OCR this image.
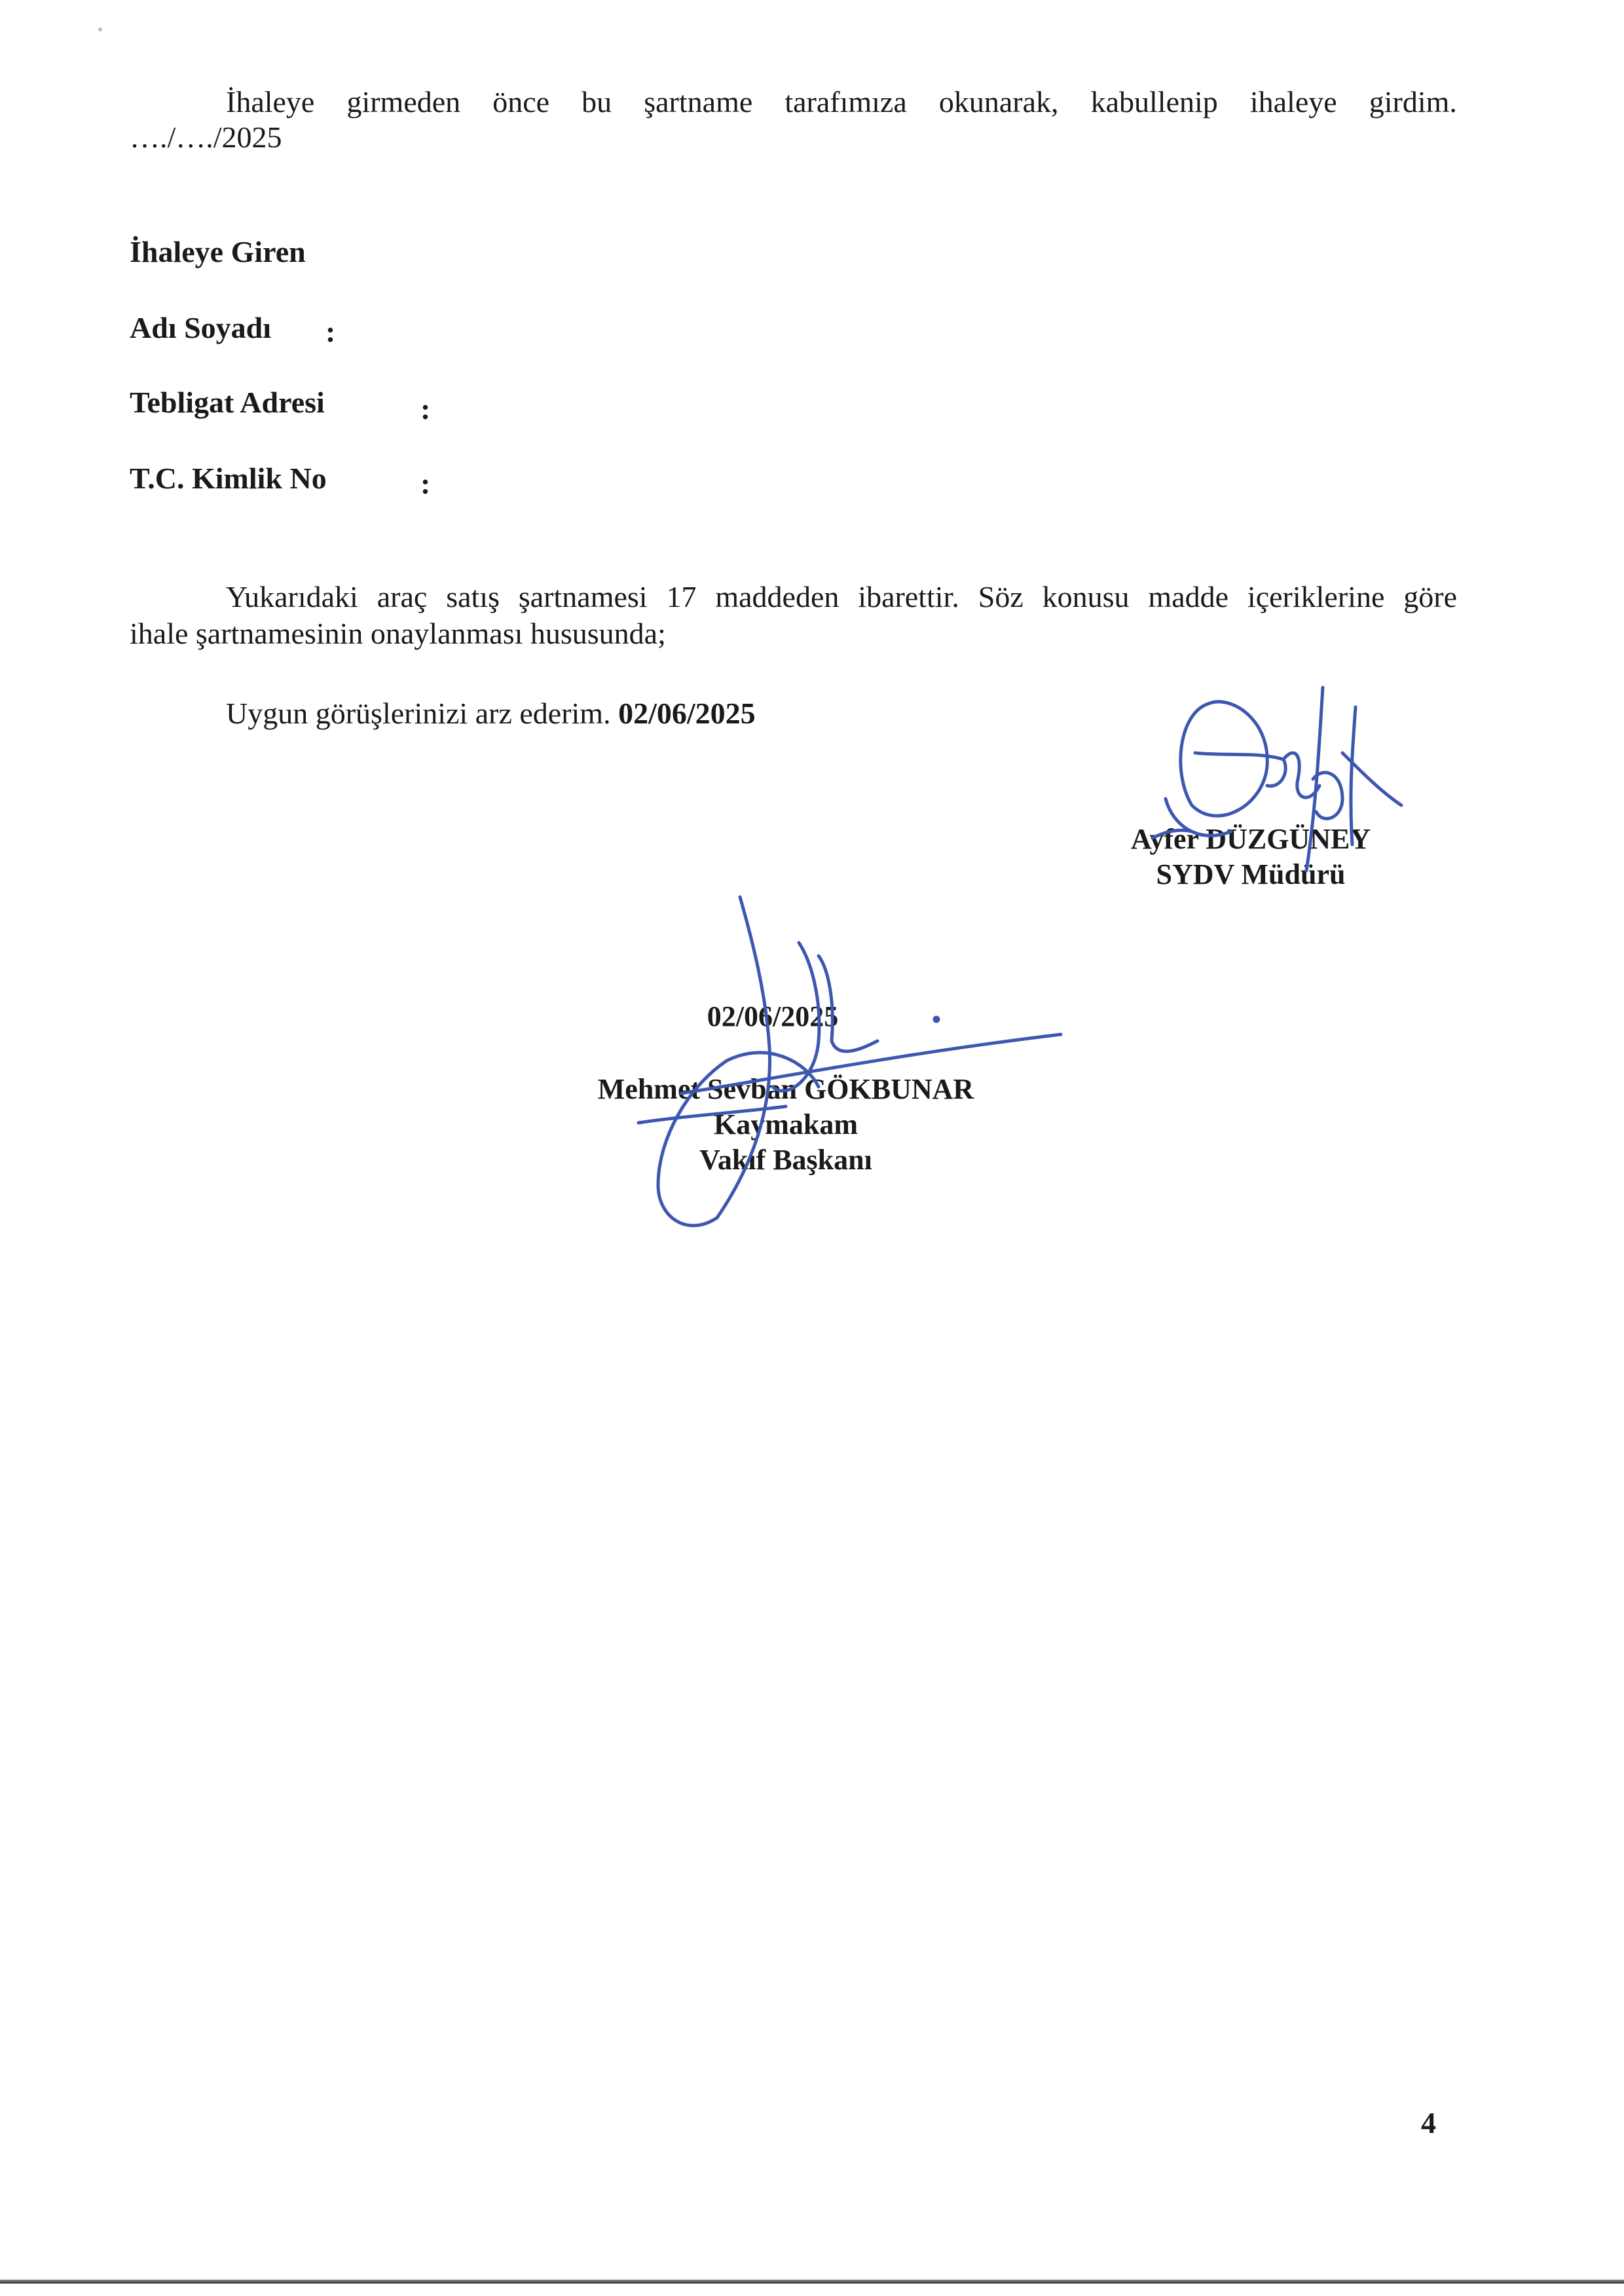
İhaleye girmeden önce bu şartname tarafımıza okunarak, kabullenip ihaleye girdim.
…./…./2025
İhaleye Giren
Adı Soyadı :
Tebligat Adresi	:
T.C. Kimlik No	:
Yukarıdaki araç satış şartnamesi 17 maddeden ibarettir. Söz konusu madde içeriklerine göre
ihale şartnamesinin onaylanması hususunda;
Uygun görüşlerinizi arz ederim. 02/06/2025
Ayfer DÜZGÜNEY
SYDV Müdürü
02/06/2025
Mehmet Sevban GÖKBUNAR
Kaymakam
Vakıf Başkanı
4
